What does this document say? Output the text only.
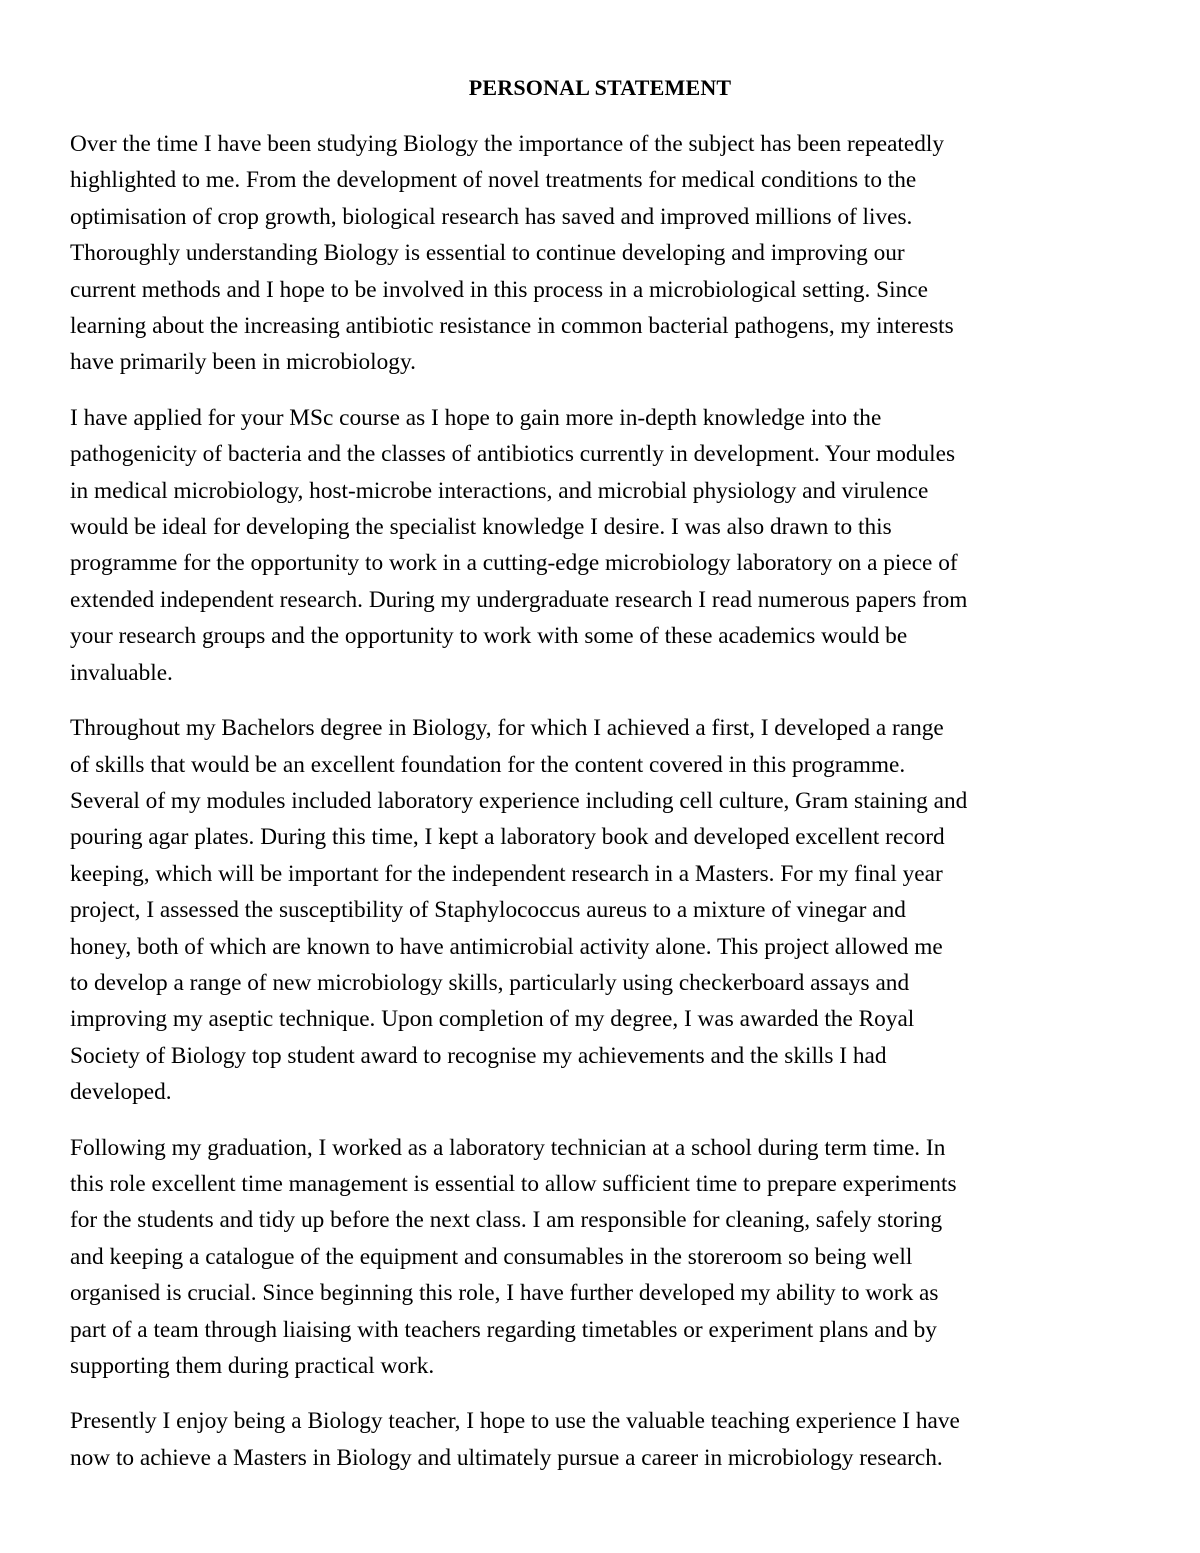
PERSONAL STATEMENT

Over the time I have been studying Biology the importance of the subject has been repeatedly
highlighted to me. From the development of novel treatments for medical conditions to the
optimisation of crop growth, biological research has saved and improved millions of lives.
Thoroughly understanding Biology is essential to continue developing and improving our
current methods and I hope to be involved in this process in a microbiological setting. Since
learning about the increasing antibiotic resistance in common bacterial pathogens, my interests
have primarily been in microbiology.

I have applied for your MSc course as I hope to gain more in-depth knowledge into the
pathogenicity of bacteria and the classes of antibiotics currently in development. Your modules
in medical microbiology, host-microbe interactions, and microbial physiology and virulence
would be ideal for developing the specialist knowledge I desire. I was also drawn to this
programme for the opportunity to work in a cutting-edge microbiology laboratory on a piece of
extended independent research. During my undergraduate research I read numerous papers from
your research groups and the opportunity to work with some of these academics would be
invaluable.

Throughout my Bachelors degree in Biology, for which I achieved a first, I developed a range
of skills that would be an excellent foundation for the content covered in this programme.
Several of my modules included laboratory experience including cell culture, Gram staining and
pouring agar plates. During this time, I kept a laboratory book and developed excellent record
keeping, which will be important for the independent research in a Masters. For my final year
project, I assessed the susceptibility of Staphylococcus aureus to a mixture of vinegar and
honey, both of which are known to have antimicrobial activity alone. This project allowed me
to develop a range of new microbiology skills, particularly using checkerboard assays and
improving my aseptic technique. Upon completion of my degree, I was awarded the Royal
Society of Biology top student award to recognise my achievements and the skills I had
developed.

Following my graduation, I worked as a laboratory technician at a school during term time. In
this role excellent time management is essential to allow sufficient time to prepare experiments
for the students and tidy up before the next class. I am responsible for cleaning, safely storing
and keeping a catalogue of the equipment and consumables in the storeroom so being well
organised is crucial. Since beginning this role, I have further developed my ability to work as
part of a team through liaising with teachers regarding timetables or experiment plans and by
supporting them during practical work.

Presently I enjoy being a Biology teacher, I hope to use the valuable teaching experience I have
now to achieve a Masters in Biology and ultimately pursue a career in microbiology research.
